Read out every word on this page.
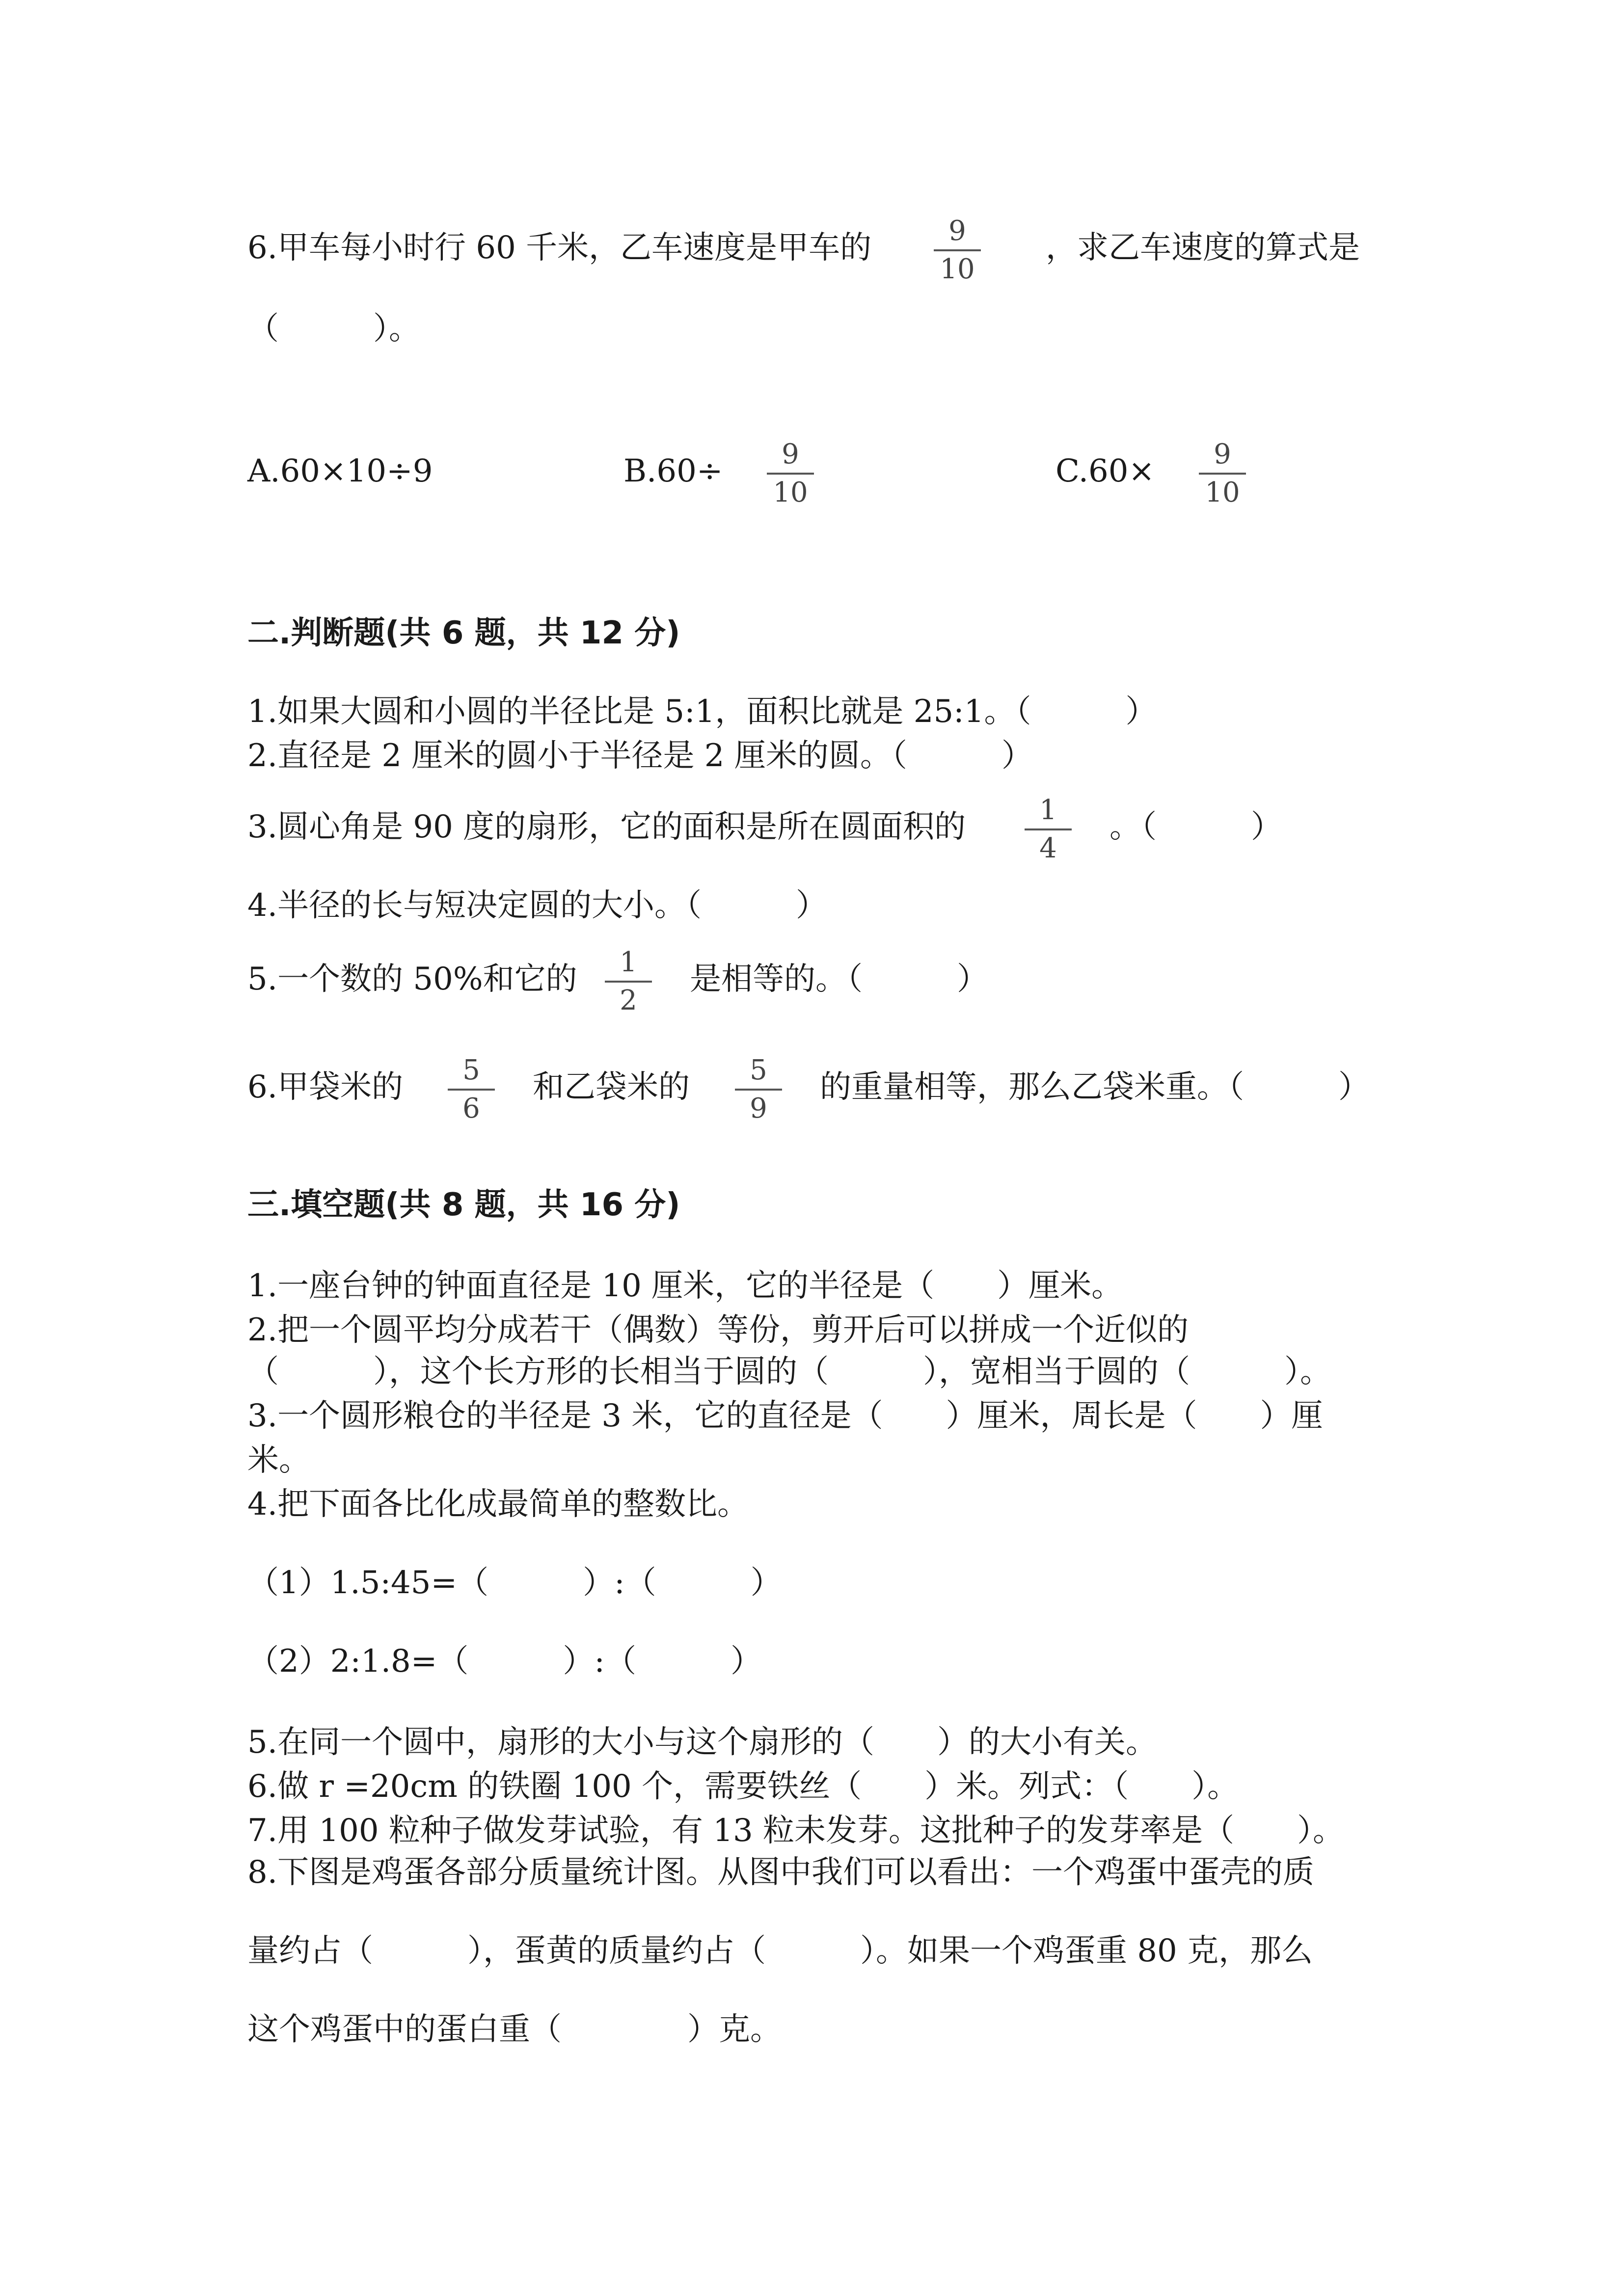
6.甲车每小时行 60 千米，乙车速度是甲车的	9
10
，求乙车速度的算式是
（　　　）。
A.60×10÷9	B.60÷	9
10
C.60×	9
10
二.判断题(共 6 题，共 12 分)
1.如果大圆和小圆的半径比是 5:1，面积比就是 25:1。（　　　）
2.直径是 2 厘米的圆小于半径是 2 厘米的圆。（　　　）
3.圆心角是 90 度的扇形，它的面积是所在圆面积的	1
4
。（　　　）
4.半径的长与短决定圆的大小。（　　　）
5.一个数的 50%和它的	1
2
是相等的。（　　　）
6.甲袋米的	5
6
和乙袋米的	5
9
的重量相等，那么乙袋米重。（　　　）
三.填空题(共 8 题，共 16 分)
1.一座台钟的钟面直径是 10 厘米，它的半径是（　　）厘米。
2.把一个圆平均分成若干（偶数）等份，剪开后可以拼成一个近似的
（　　　），这个长方形的长相当于圆的（　　　），宽相当于圆的（　　　）。
3.一个圆形粮仓的半径是 3 米，它的直径是（　　）厘米，周长是（　　）厘
米。
4.把下面各比化成最简单的整数比。
（1）1.5:45=（　　　）:（　　　）
（2）2:1.8=（　　　）:（　　　）
5.在同一个圆中，扇形的大小与这个扇形的（　　）的大小有关。
6.做 r =20cm 的铁圈 100 个，需要铁丝（　　）米。列式：（　　）。
7.用 100 粒种子做发芽试验，有 13 粒未发芽。这批种子的发芽率是（　　）。
8.下图是鸡蛋各部分质量统计图。从图中我们可以看出：一个鸡蛋中蛋壳的质
量约占（　　　），蛋黄的质量约占（　　　）。如果一个鸡蛋重 80 克，那么
这个鸡蛋中的蛋白重（　　　　）克。
